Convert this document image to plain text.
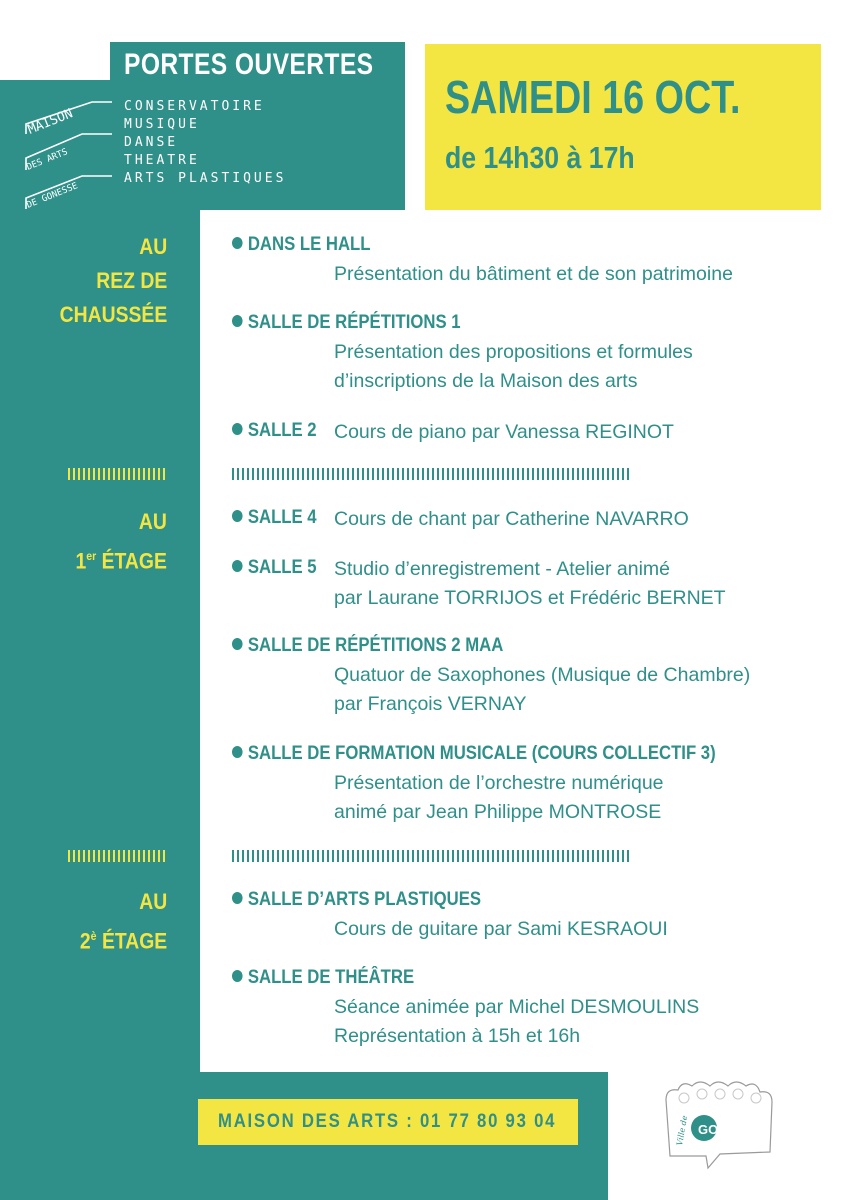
PORTES OUVERTES
CONSERVATOIRE
MUSIQUE
DANSE
THEATRE
ARTS PLASTIQUES
MAISON
DES ARTS
DE GONESSE
SAMEDI 16 OCT.
de 14h30 à 17h
AU
REZ DE
CHAUSSÉE
AU
1er ÉTAGE
AU
$2^è$ ÉTAGE
DANS LE HALL
Présentation du bâtiment et de son patrimoine
SALLE DE RÉPÉTITIONS 1
Présentation des propositions et formules
d’inscriptions de la Maison des arts
SALLE 2 Cours de piano par Vanessa REGINOT
SALLE 4 Cours de chant par Catherine NAVARRO
SALLE 5 Studio d’enregistrement - Atelier animé
par Laurane TORRIJOS et Frédéric BERNET
SALLE DE RÉPÉTITIONS 2 MAA
Quatuor de Saxophones (Musique de Chambre)
par François VERNAY
SALLE DE FORMATION MUSICALE (COURS COLLECTIF 3)
Présentation de l’orchestre numérique
animé par Jean Philippe MONTROSE
SALLE D’ARTS PLASTIQUES
Cours de guitare par Sami KESRAOUI
SALLE DE THÉÂTRE
Séance animée par Michel DESMOULINS
Représentation à 15h et 16h
MAISON DES ARTS : 01 77 80 93 04	Ville de GONESSE
